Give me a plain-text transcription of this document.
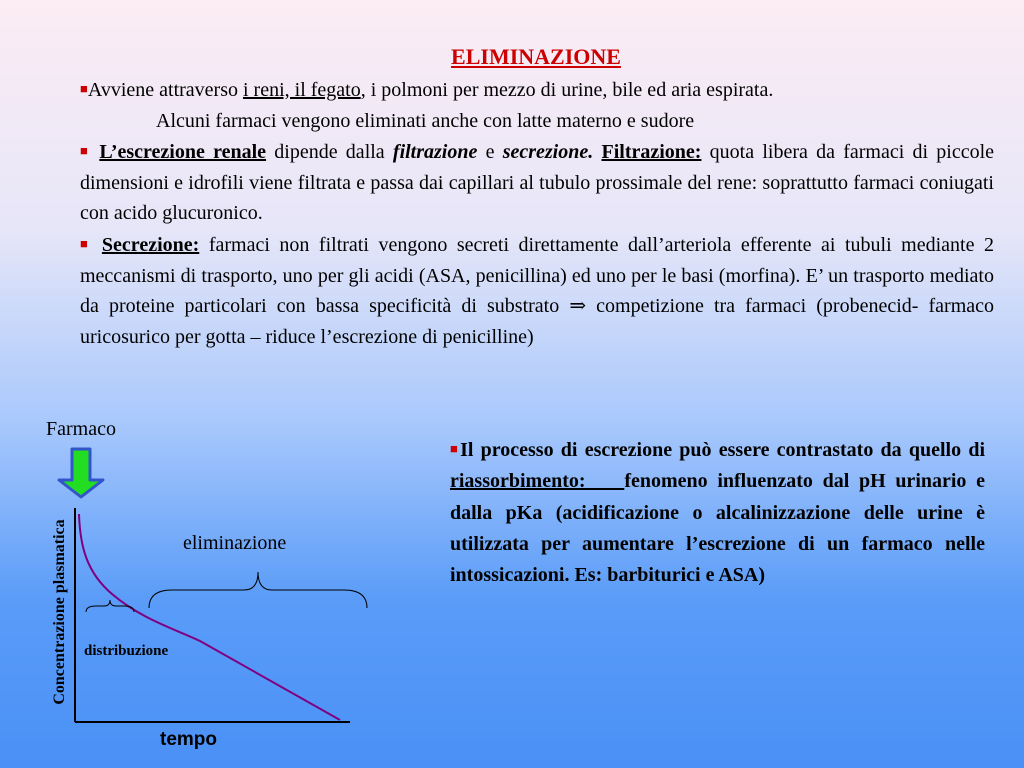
ELIMINAZIONE
■Avviene attraverso i reni, il fegato, i polmoni per mezzo di urine, bile ed aria espirata.
Alcuni farmaci vengono eliminati anche con latte materno e sudore
■ L’escrezione renale dipende dalla filtrazione e secrezione. Filtrazione: quota libera da farmaci di piccole dimensioni e idrofili viene filtrata e passa dai capillari al tubulo prossimale del rene: soprattutto farmaci coniugati con acido glucuronico.
■ Secrezione: farmaci non filtrati vengono secreti direttamente dall’arteriola efferente ai tubuli mediante 2 meccanismi di trasporto, uno per gli acidi (ASA, penicillina) ed uno per le basi (morfina). E’ un trasporto mediato da proteine particolari con bassa specificità di substrato ⇒ competizione tra farmaci (probenecid- farmaco uricosurico per gotta – riduce l’escrezione di penicilline)
■Il processo di escrezione può essere contrastato da quello di riassorbimento:    fenomeno influenzato dal pH urinario e dalla pKa (acidificazione o alcalinizzazione delle urine è utilizzata per aumentare l’escrezione di un farmaco nelle intossicazioni. Es: barbiturici e ASA)
Farmaco
eliminazione
distribuzione
Concentrazione plasmatica
tempo
